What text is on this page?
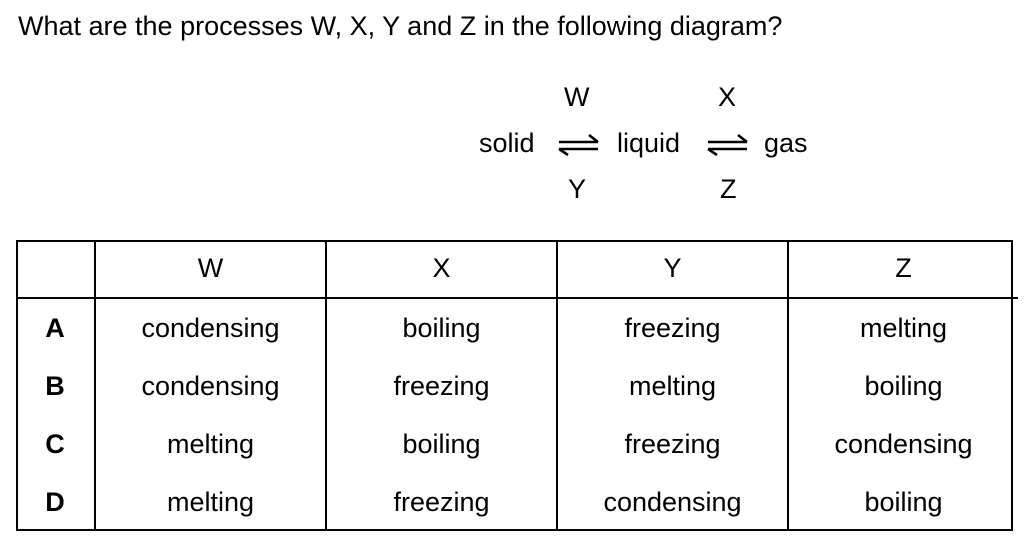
What are the processes W, X, Y and Z in the following diagram?
W	X
solid ⇌ liquid ⇌ gas
Y	Z
	W	X	Y	Z
A	condensing	boiling	freezing	melting
B	condensing	freezing	melting	boiling
C	melting	boiling	freezing	condensing
D	melting	freezing	condensing	boiling
